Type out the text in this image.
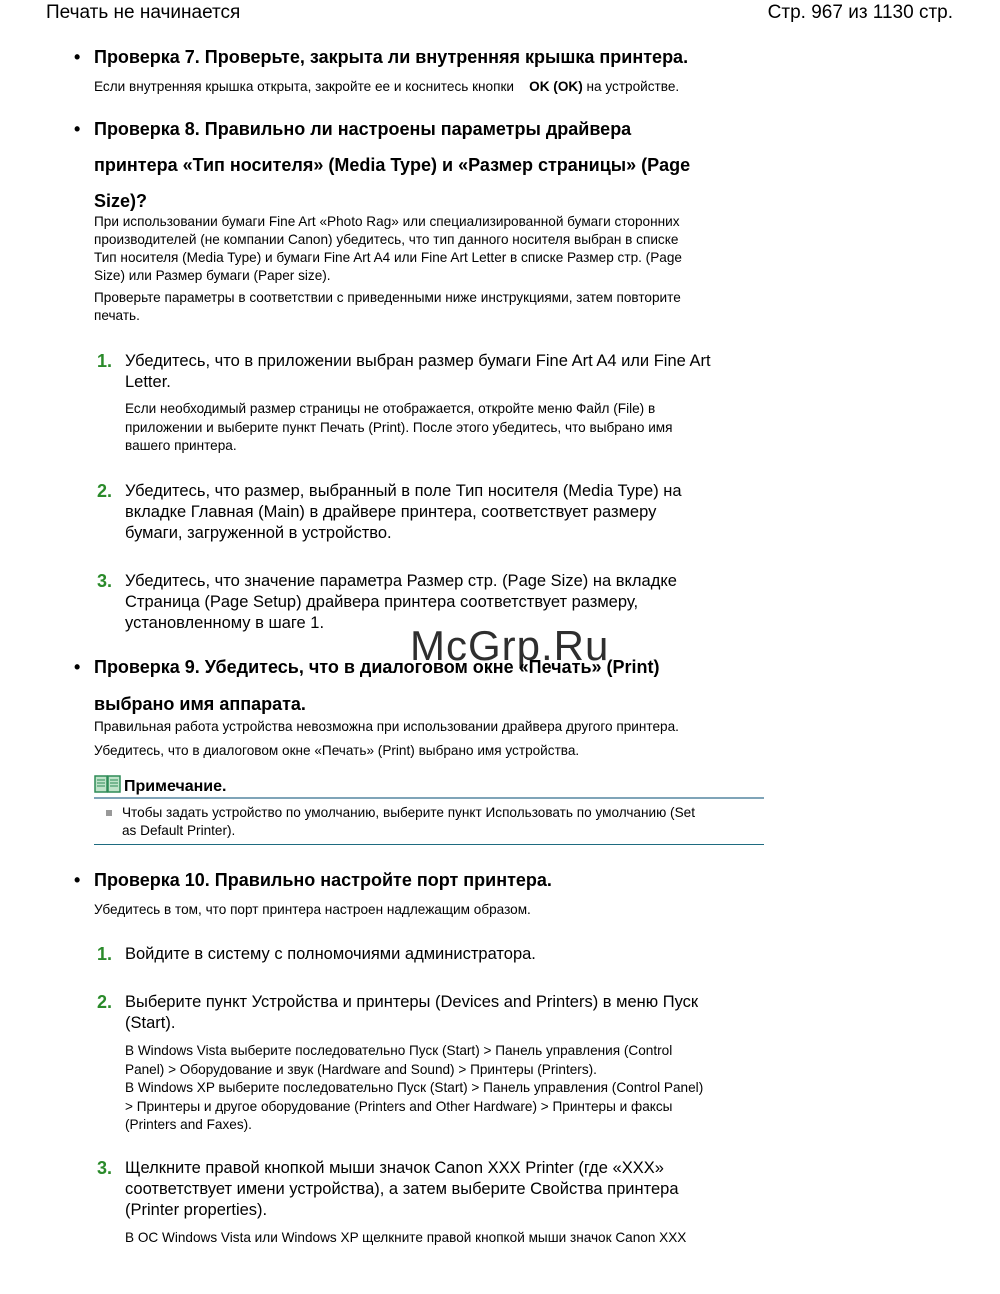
Печать не начинается	Стр. 967 из 1130 стр.
• Проверка 7. Проверьте, закрыта ли внутренняя крышка принтера.
Если внутренняя крышка открыта, закройте ее и коснитесь кнопки OK (OK) на устройстве.
• Проверка 8. Правильно ли настроены параметры драйвера
принтера «Тип носителя» (Media Type) и «Размер страницы» (Page
Size)?
При использовании бумаги Fine Art «Photo Rag» или специализированной бумаги сторонних
производителей (не компании Canon) убедитесь, что тип данного носителя выбран в списке
Тип носителя (Media Type) и бумаги Fine Art A4 или Fine Art Letter в списке Размер стр. (Page
Size) или Размер бумаги (Paper size).
Проверьте параметры в соответствии с приведенными ниже инструкциями, затем повторите
печать.
1. Убедитесь, что в приложении выбран размер бумаги Fine Art A4 или Fine Art
Letter.
Если необходимый размер страницы не отображается, откройте меню Файл (File) в
приложении и выберите пункт Печать (Print). После этого убедитесь, что выбрано имя
вашего принтера.
2. Убедитесь, что размер, выбранный в поле Тип носителя (Media Type) на
вкладке Главная (Main) в драйвере принтера, соответствует размеру
бумаги, загруженной в устройство.
3. Убедитесь, что значение параметра Размер стр. (Page Size) на вкладке
Страница (Page Setup) драйвера принтера соответствует размеру,
установленному в шаге 1.
• Проверка 9. Убедитесь, что в диалоговом окне «Печать» (Print)
выбрано имя аппарата.
Правильная работа устройства невозможна при использовании драйвера другого принтера.
Убедитесь, что в диалоговом окне «Печать» (Print) выбрано имя устройства.
Примечание.
Чтобы задать устройство по умолчанию, выберите пункт Использовать по умолчанию (Set
as Default Printer).
• Проверка 10. Правильно настройте порт принтера.
Убедитесь в том, что порт принтера настроен надлежащим образом.
1. Войдите в систему с полномочиями администратора.
2. Выберите пункт Устройства и принтеры (Devices and Printers) в меню Пуск
(Start).
В Windows Vista выберите последовательно Пуск (Start) > Панель управления (Control
Panel) > Оборудование и звук (Hardware and Sound) > Принтеры (Printers).
В Windows XP выберите последовательно Пуск (Start) > Панель управления (Control Panel)
> Принтеры и другое оборудование (Printers and Other Hardware) > Принтеры и факсы
(Printers and Faxes).
3. Щелкните правой кнопкой мыши значок Canon XXX Printer (где «XXX»
соответствует имени устройства), а затем выберите Свойства принтера
(Printer properties).
В ОС Windows Vista или Windows XP щелкните правой кнопкой мыши значок Canon XXX
McGrp.Ru
